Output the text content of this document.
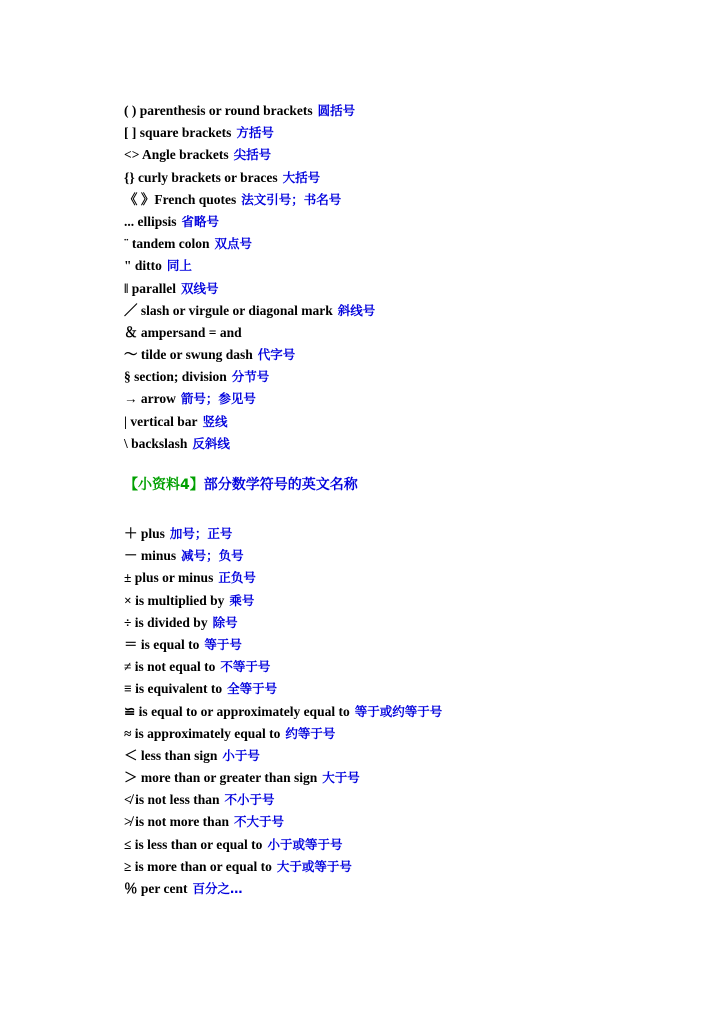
( ) parenthesis or round brackets 圆括号
[ ] square brackets 方括号
<> Angle brackets 尖括号
{} curly brackets or braces 大括号
《 》French quotes 法文引号；书名号
... ellipsis 省略号
¨ tandem colon 双点号
" ditto 同上
‖ parallel 双线号
／ slash or virgule or diagonal mark 斜线号
＆ ampersand = and
～ tilde or swung dash 代字号
§ section; division 分节号
→ arrow 箭号；参见号
| vertical bar 竖线
\ backslash 反斜线
【小资料4】部分数学符号的英文名称
＋ plus 加号；正号
－ minus 减号；负号
± plus or minus 正负号
× is multiplied by 乘号
÷ is divided by 除号
＝ is equal to 等于号
≠ is not equal to 不等于号
≡ is equivalent to 全等于号
≌ is equal to or approximately equal to 等于或约等于号
≈ is approximately equal to 约等于号
＜ less than sign 小于号
＞ more than or greater than sign 大于号
≮ is not less than 不小于号
≯ is not more than 不大于号
≤ is less than or equal to 小于或等于号
≥ is more than or equal to 大于或等于号
％ per cent 百分之…
